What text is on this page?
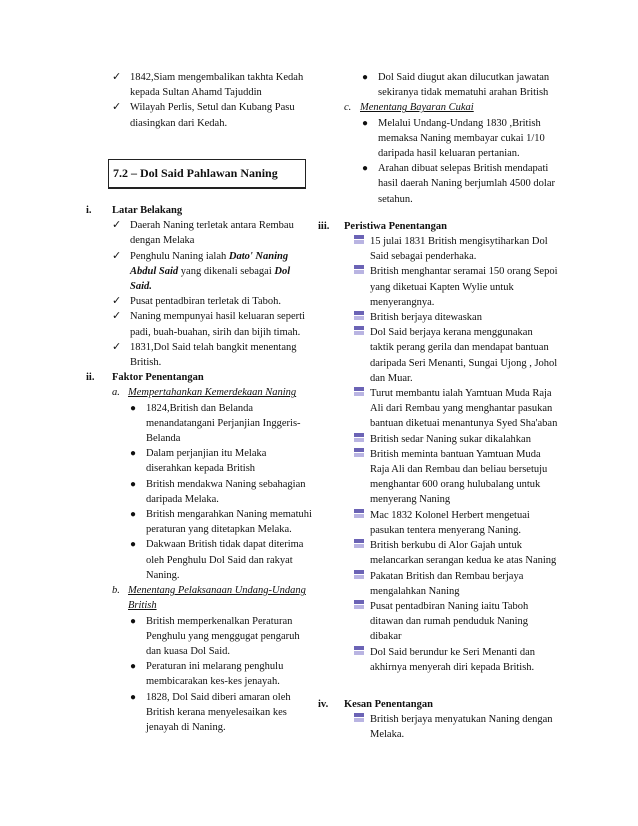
✓ 1842,Siam mengembalikan takhta Kedah kepada Sultan Ahamd Tajuddin
✓ Wilayah Perlis, Setul dan Kubang Pasu diasingkan dari Kedah.
7.2 – Dol Said Pahlawan Naning
i.	Latar Belakang
✓ Daerah Naning terletak antara Rembau dengan Melaka
✓ Penghulu Naning ialah Dato' Naning Abdul Said yang dikenali sebagai Dol Said.
✓ Pusat pentadbiran terletak di Taboh.
✓ Naning mempunyai hasil keluaran seperti padi, buah-buahan, sirih dan bijih timah.
✓ 1831,Dol Said telah bangkit menentang British.
ii.	Faktor Penentangan
a. Mempertahankan Kemerdekaan Naning
● 1824,British dan Belanda menandatangani Perjanjian Inggeris-Belanda
● Dalam perjanjian itu Melaka diserahkan kepada British
● British mendakwa Naning sebahagian daripada Melaka.
● British mengarahkan Naning mematuhi peraturan yang ditetapkan Melaka.
● Dakwaan British tidak dapat diterima oleh Penghulu Dol Said dan rakyat Naning.
b. Menentang Pelaksanaan Undang-Undang British
● British memperkenalkan Peraturan Penghulu yang menggugat pengaruh dan kuasa Dol Said.
● Peraturan ini melarang penghulu membicarakan kes-kes jenayah.
● 1828, Dol Said diberi amaran oleh British kerana menyelesaikan kes jenayah di Naning.
● Dol Said diugut akan dilucutkan jawatan sekiranya tidak mematuhi arahan British
c. Menentang Bayaran Cukai
● Melalui Undang-Undang 1830 ,British memaksa Naning membayar cukai 1/10 daripada hasil keluaran pertanian.
● Arahan dibuat selepas British mendapati hasil daerah Naning berjumlah 4500 dolar setahun.
iii.	Peristiwa Penentangan
15 julai 1831 British mengisytiharkan Dol Said sebagai penderhaka.
British menghantar seramai 150 orang Sepoi yang diketuai Kapten Wylie untuk menyerangnya.
British berjaya ditewaskan
Dol Said berjaya kerana menggunakan taktik perang gerila dan mendapat bantuan daripada Seri Menanti, Sungai Ujong , Johol dan Muar.
Turut membantu ialah Yamtuan Muda Raja Ali dari Rembau yang menghantar pasukan bantuan diketuai menantunya Syed Sha'aban
British sedar Naning sukar dikalahkan
British meminta bantuan Yamtuan Muda Raja Ali dan Rembau dan beliau bersetuju menghantar 600 orang hulubalang untuk menyerang Naning
Mac 1832 Kolonel Herbert mengetuai pasukan tentera menyerang Naning.
British berkubu di Alor Gajah untuk melancarkan serangan kedua ke atas Naning
Pakatan British dan Rembau berjaya mengalahkan Naning
Pusat pentadbiran Naning iaitu Taboh ditawan dan rumah penduduk Naning dibakar
Dol Said berundur ke Seri Menanti dan akhirnya menyerah diri kepada British.
iv.	Kesan Penentangan
British berjaya menyatukan Naning dengan Melaka.
